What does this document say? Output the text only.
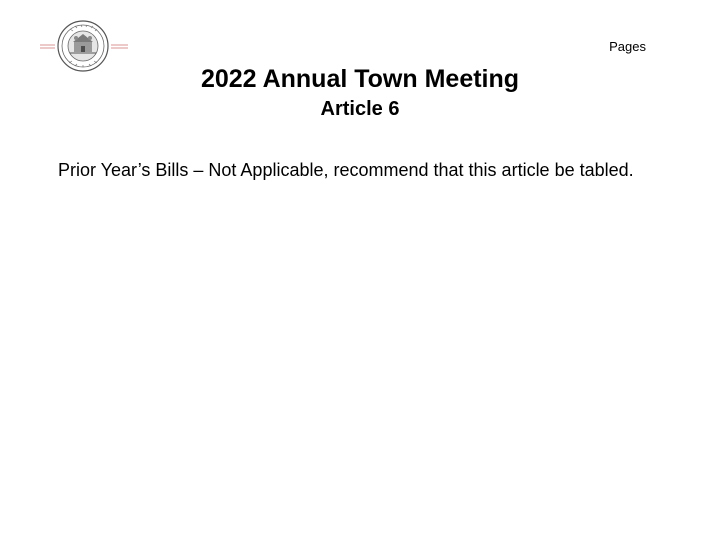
Pages
2022 Annual Town Meeting
Article 6
Prior Year’s Bills – Not Applicable, recommend that this article be tabled.
